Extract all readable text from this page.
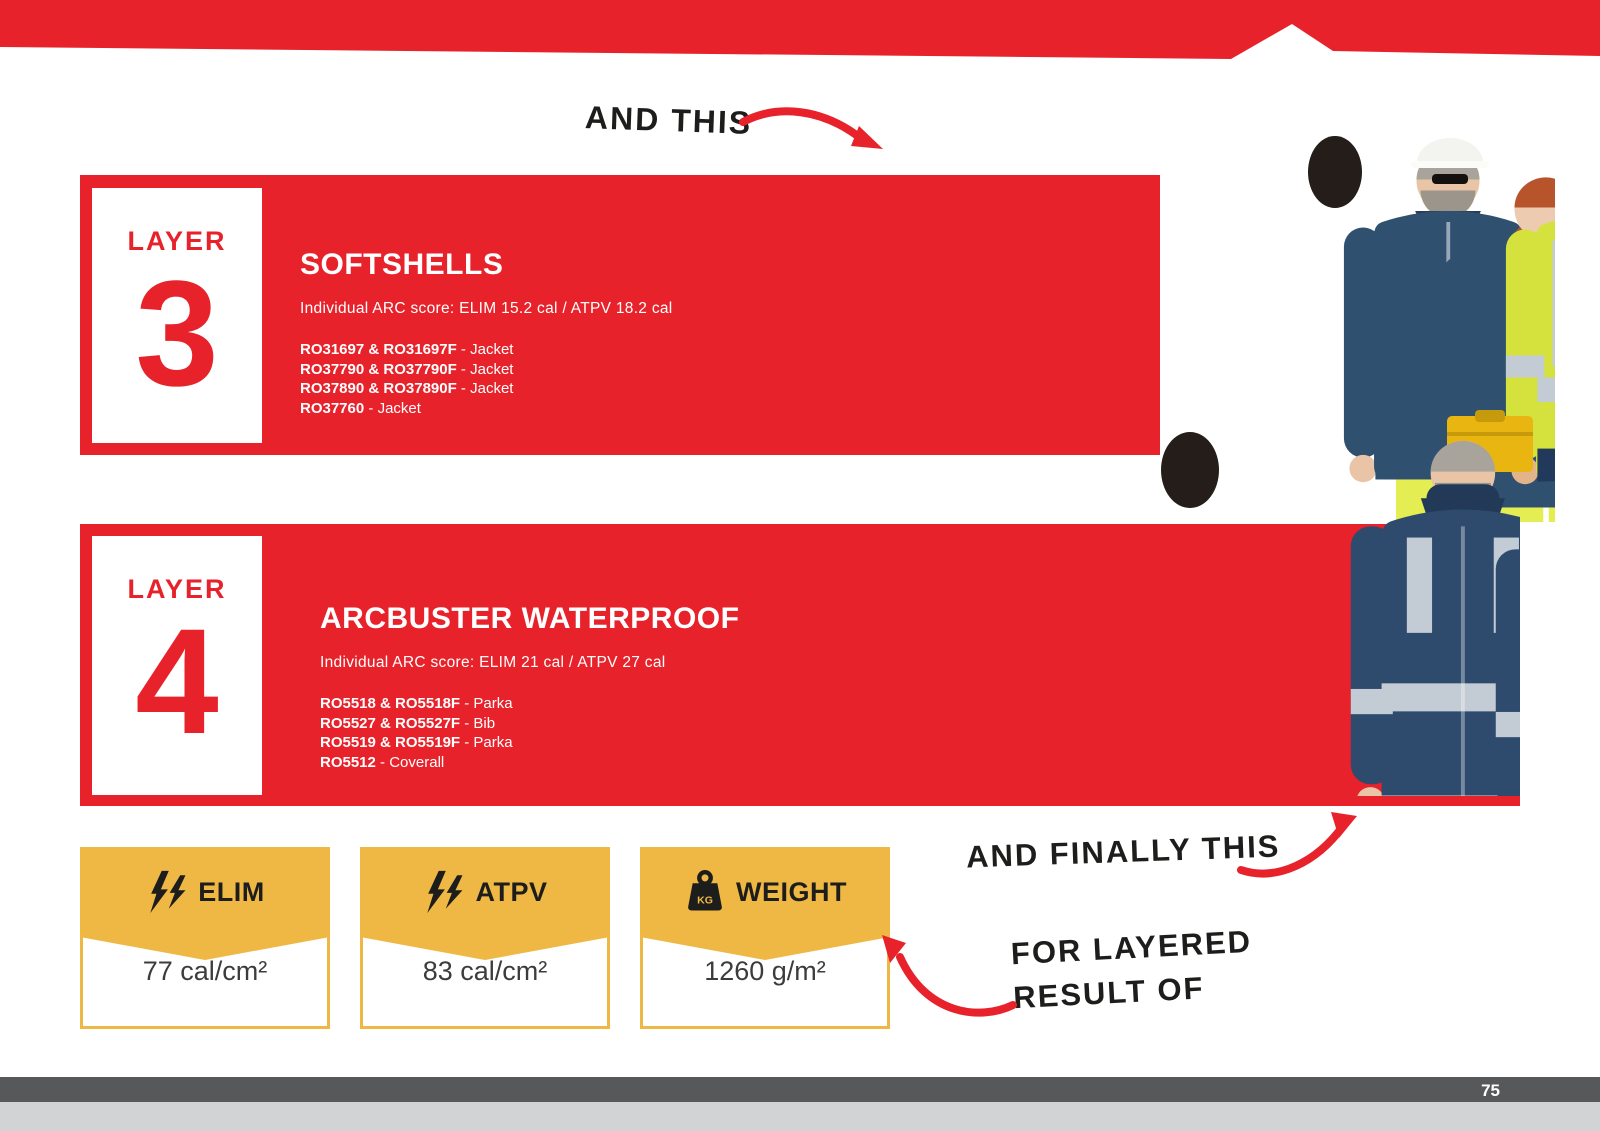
LAYER
3	SOFTSHELLS
Individual ARC score: ELIM 15.2 cal / ATPV 18.2 cal
RO31697 & RO31697F - Jacket
RO37790 & RO37790F - Jacket
RO37890 & RO37890F - Jacket
RO37760 - Jacket
LAYER
4	ARCBUSTER WATERPROOF
Individual ARC score: ELIM 21 cal / ATPV 27 cal
RO5518 & RO5518F - Parka
RO5527 & RO5527F - Bib
RO5519 & RO5519F - Parka
RO5512 - Coverall
AND THIS
AND FINALLY THIS
FOR LAYERED
RESULT OF
ELIM
77 cal/cm²
ATPV
83 cal/cm²
KG WEIGHT
1260 g/m²
75
